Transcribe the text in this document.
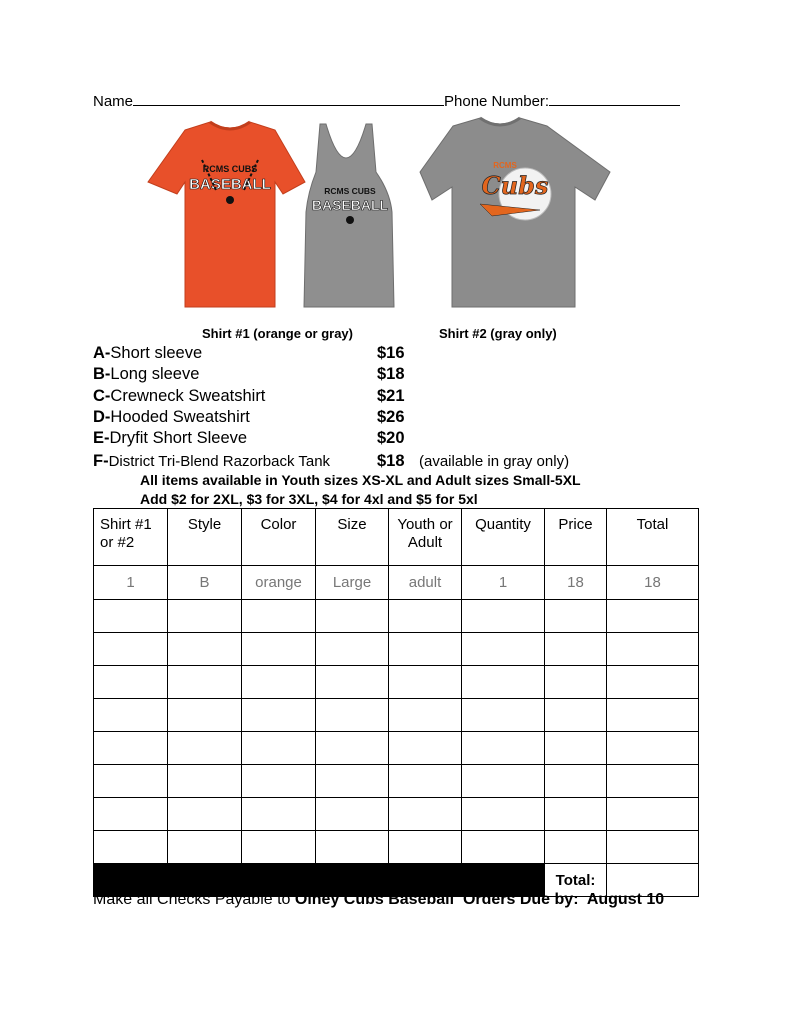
Name	Phone Number:
RCMS CUBS
BASEBALL	RCMS CUBS
BASEBALL
RCMS
Cubs
Shirt #1 (orange or gray)	Shirt #2 (gray only)
A-Short sleeve	$16
B-Long sleeve	$18
C-Crewneck Sweatshirt	$21
D-Hooded Sweatshirt	$26
E-Dryfit Short Sleeve	$20
F-District Tri-Blend Razorback Tank	$18 (available in gray only)
All items available in Youth sizes XS-XL and Adult sizes Small-5XL
Add $2 for 2XL, $3 for 3XL, $4 for 4xl and $5 for 5xl
Shirt #1 or #2	Style	Color	Size	Youth or Adult	Quantity	Price	Total
1	B	orange	Large	adult	1	18	18

						Total:	
Make all Checks Payable to Olney Cubs Baseball  Orders Due by:  August 10
